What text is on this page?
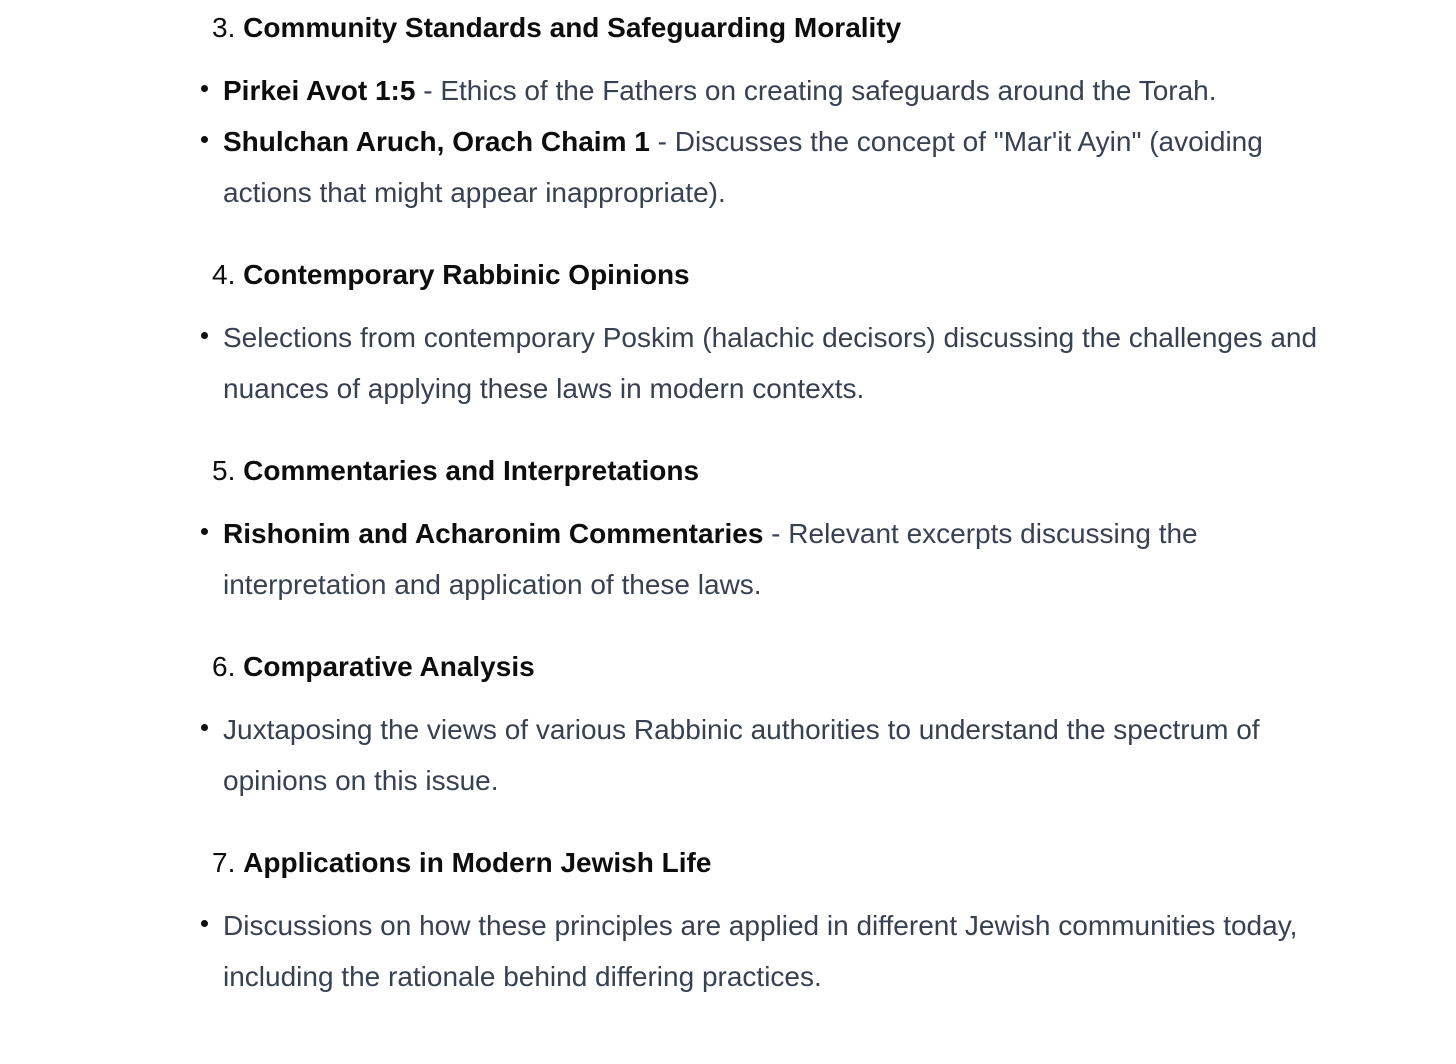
3. Community Standards and Safeguarding Morality
Pirkei Avot 1:5 - Ethics of the Fathers on creating safeguards around the Torah.
Shulchan Aruch, Orach Chaim 1 - Discusses the concept of "Mar'it Ayin" (avoiding actions that might appear inappropriate).
4. Contemporary Rabbinic Opinions
Selections from contemporary Poskim (halachic decisors) discussing the challenges and nuances of applying these laws in modern contexts.
5. Commentaries and Interpretations
Rishonim and Acharonim Commentaries - Relevant excerpts discussing the interpretation and application of these laws.
6. Comparative Analysis
Juxtaposing the views of various Rabbinic authorities to understand the spectrum of opinions on this issue.
7. Applications in Modern Jewish Life
Discussions on how these principles are applied in different Jewish communities today, including the rationale behind differing practices.
